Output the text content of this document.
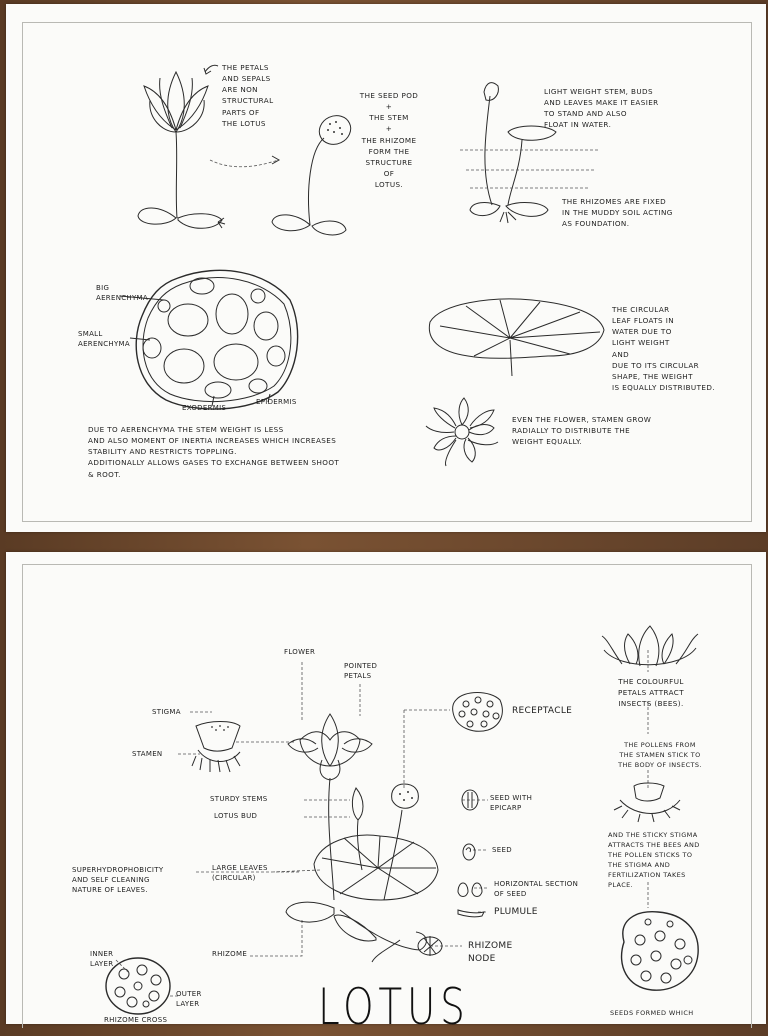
THE PETALS
AND SEPALS
ARE NON
STRUCTURAL
PARTS OF
THE LOTUS
THE SEED POD
+
THE STEM
+
THE RHIZOME
FORM THE
STRUCTURE
OF
LOTUS.
LIGHT WEIGHT STEM, BUDS
AND LEAVES MAKE IT EASIER
TO STAND AND ALSO
FLOAT IN WATER.
THE RHIZOMES ARE FIXED
IN THE MUDDY SOIL ACTING
AS FOUNDATION.
THE CIRCULAR
LEAF FLOATS IN
WATER DUE TO
LIGHT WEIGHT
AND
DUE TO ITS CIRCULAR
SHAPE, THE WEIGHT
IS EQUALLY DISTRIBUTED.
EVEN THE FLOWER, STAMEN GROW
RADIALLY TO DISTRIBUTE THE
WEIGHT EQUALLY.
DUE TO AERENCHYMA THE STEM WEIGHT IS LESS
AND ALSO MOMENT OF INERTIA INCREASES WHICH INCREASES
STABILITY AND RESTRICTS TOPPLING.
ADDITIONALLY ALLOWS GASES TO EXCHANGE BETWEEN SHOOT
& ROOT.
BIG
AERENCHYMA
SMALL
AERENCHYMA
EXODERMIS
EPIDERMIS
FLOWER
POINTED
PETALS
STIGMA
STAMEN
RECEPTACLE
STURDY STEMS
LOTUS BUD
SEED WITH
EPICARP
SEED
SUPERHYDROPHOBICITY
AND SELF CLEANING
NATURE OF LEAVES.
LARGE LEAVES
(CIRCULAR)
HORIZONTAL SECTION
OF SEED
PLUMULE
RHIZOME
RHIZOME
NODE
INNER
LAYER
OUTER
LAYER
RHIZOME CROSS
THE COLOURFUL
PETALS ATTRACT
INSECTS (BEES).
THE POLLENS FROM
THE STAMEN STICK TO
THE BODY OF INSECTS.
AND THE STICKY STIGMA
ATTRACTS THE BEES AND
THE POLLEN STICKS TO
THE STIGMA AND
FERTILIZATION TAKES
PLACE.
SEEDS FORMED WHICH
LOTUS
